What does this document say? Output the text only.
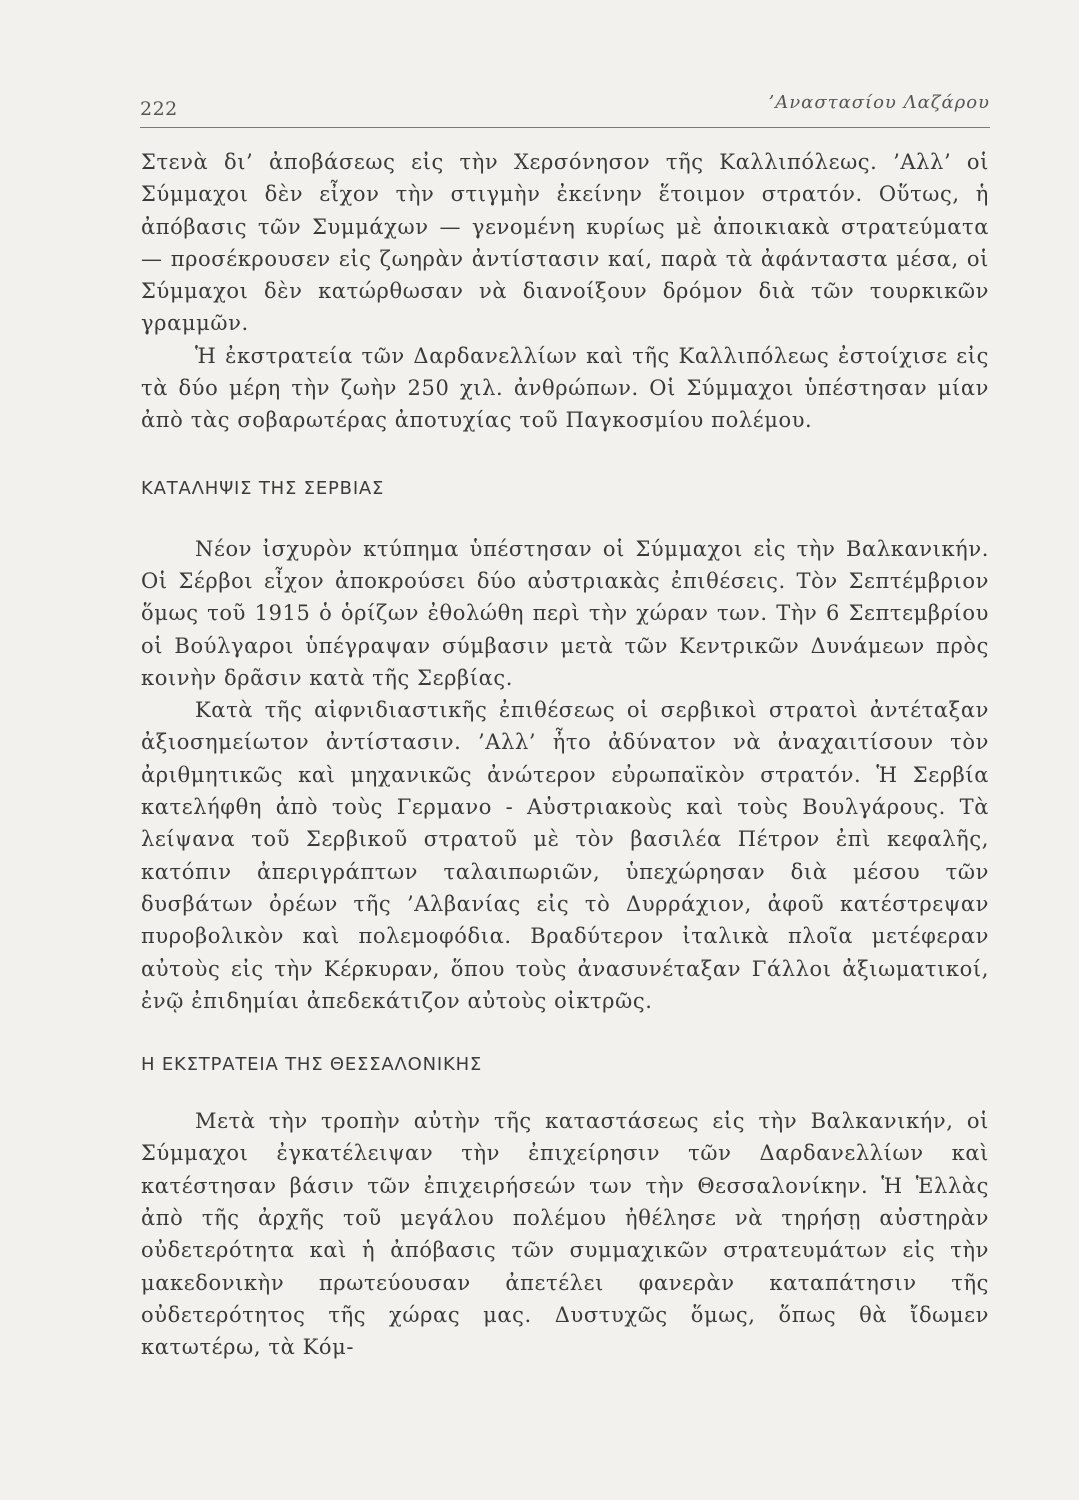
222	’Αναστασίου Λαζάρου

Στενὰ δι’ ἀποβάσεως εἰς τὴν Χερσόνησον τῆς Καλλιπόλεως. ’Αλλ’ οἱ Σύμμαχοι δὲν εἶχον τὴν στιγμὴν ἐκείνην ἕτοιμον στρατόν. Οὕτως, ἡ ἀπόβασις τῶν Συμμάχων — γενομένη κυρίως μὲ ἀποικιακὰ στρατεύματα — προσέκρουσεν εἰς ζωηρὰν ἀντίστασιν καί, παρὰ τὰ ἀφάνταστα μέσα, οἱ Σύμμαχοι δὲν κατώρθωσαν νὰ διανοίξουν δρόμον διὰ τῶν τουρκικῶν γραμμῶν.

Ἡ ἐκστρατεία τῶν Δαρδανελλίων καὶ τῆς Καλλιπόλεως ἐστοίχισε εἰς τὰ δύο μέρη τὴν ζωὴν 250 χιλ. ἀνθρώπων. Οἱ Σύμμαχοι ὑπέστησαν μίαν ἀπὸ τὰς σοβαρωτέρας ἀποτυχίας τοῦ Παγκοσμίου πολέμου.

ΚΑΤΑΛΗΨΙΣ ΤΗΣ ΣΕΡΒΙΑΣ

Νέον ἰσχυρὸν κτύπημα ὑπέστησαν οἱ Σύμμαχοι εἰς τὴν Βαλκανικήν. Οἱ Σέρβοι εἶχον ἀποκρούσει δύο αὐστριακὰς ἐπιθέσεις. Τὸν Σεπτέμβριον ὅμως τοῦ 1915 ὁ ὁρίζων ἐθολώθη περὶ τὴν χώραν των. Τὴν 6 Σεπτεμβρίου οἱ Βούλγαροι ὑπέγραψαν σύμβασιν μετὰ τῶν Κεντρικῶν Δυνάμεων πρὸς κοινὴν δρᾶσιν κατὰ τῆς Σερβίας.

Κατὰ τῆς αἰφνιδιαστικῆς ἐπιθέσεως οἱ σερβικοὶ στρατοὶ ἀντέταξαν ἀξιοσημείωτον ἀντίστασιν. ’Αλλ’ ἦτο ἀδύνατον νὰ ἀναχαιτίσουν τὸν ἀριθμητικῶς καὶ μηχανικῶς ἀνώτερον εὐρωπαϊκὸν στρατόν. Ἡ Σερβία κατελήφθη ἀπὸ τοὺς Γερμανο - Αὐστριακοὺς καὶ τοὺς Βουλγάρους. Τὰ λείψανα τοῦ Σερβικοῦ στρατοῦ μὲ τὸν βασιλέα Πέτρον ἐπὶ κεφαλῆς, κατόπιν ἀπεριγράπτων ταλαιπωριῶν, ὑπεχώρησαν διὰ μέσου τῶν δυσβάτων ὀρέων τῆς ’Αλβανίας εἰς τὸ Δυρράχιον, ἀφοῦ κατέστρεψαν πυροβολικὸν καὶ πολεμοφόδια. Βραδύτερον ἰταλικὰ πλοῖα μετέφεραν αὐτοὺς εἰς τὴν Κέρκυραν, ὅπου τοὺς ἀνασυνέταξαν Γάλλοι ἀξιωματικοί, ἐνῷ ἐπιδημίαι ἀπεδεκάτιζον αὐτοὺς οἰκτρῶς.

Η ΕΚΣΤΡΑΤΕΙΑ ΤΗΣ ΘΕΣΣΑΛΟΝΙΚΗΣ

Μετὰ τὴν τροπὴν αὐτὴν τῆς καταστάσεως εἰς τὴν Βαλκανικήν, οἱ Σύμμαχοι ἐγκατέλειψαν τὴν ἐπιχείρησιν τῶν Δαρδανελλίων καὶ κατέστησαν βάσιν τῶν ἐπιχειρήσεών των τὴν Θεσσαλονίκην. Ἡ Ἑλλὰς ἀπὸ τῆς ἀρχῆς τοῦ μεγάλου πολέμου ἠθέλησε νὰ τηρήσῃ αὐστηρὰν οὐδετερότητα καὶ ἡ ἀπόβασις τῶν συμμαχικῶν στρατευμάτων εἰς τὴν μακεδονικὴν πρωτεύουσαν ἀπετέλει φανερὰν καταπάτησιν τῆς οὐδετερότητος τῆς χώρας μας. Δυστυχῶς ὅμως, ὅπως θὰ ἴδωμεν κατωτέρω, τὰ Κόμ-
